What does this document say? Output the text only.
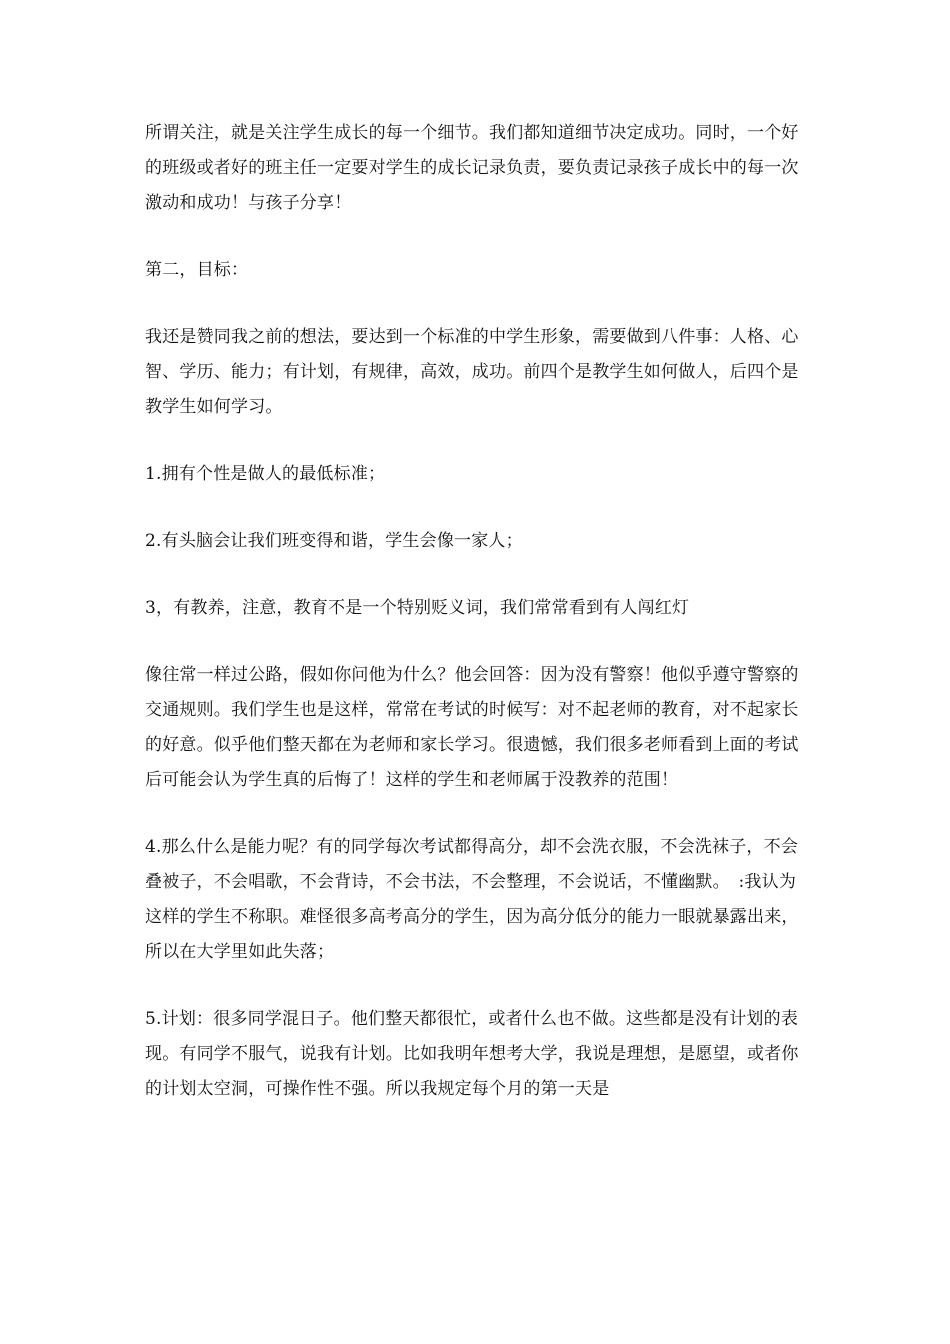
所谓关注，就是关注学生成长的每一个细节。我们都知道细节决定成功。同时，一个好的班级或者好的班主任一定要对学生的成长记录负责，要负责记录孩子成长中的每一次激动和成功！与孩子分享！

第二，目标：

我还是赞同我之前的想法，要达到一个标准的中学生形象，需要做到八件事：人格、心智、学历、能力；有计划，有规律，高效，成功。前四个是教学生如何做人，后四个是教学生如何学习。

1.拥有个性是做人的最低标准；

2.有头脑会让我们班变得和谐，学生会像一家人；

3，有教养，注意，教育不是一个特别贬义词，我们常常看到有人闯红灯

像往常一样过公路，假如你问他为什么？他会回答：因为没有警察！他似乎遵守警察的交通规则。我们学生也是这样，常常在考试的时候写：对不起老师的教育，对不起家长的好意。似乎他们整天都在为老师和家长学习。很遗憾，我们很多老师看到上面的考试后可能会认为学生真的后悔了！这样的学生和老师属于没教养的范围！

4.那么什么是能力呢？有的同学每次考试都得高分，却不会洗衣服，不会洗袜子，不会叠被子，不会唱歌，不会背诗，不会书法，不会整理，不会说话，不懂幽默。　:我认为这样的学生不称职。难怪很多高考高分的学生，因为高分低分的能力一眼就暴露出来，所以在大学里如此失落；

5.计划：很多同学混日子。他们整天都很忙，或者什么也不做。这些都是没有计划的表现。有同学不服气，说我有计划。比如我明年想考大学，我说是理想，是愿望，或者你的计划太空洞，可操作性不强。所以我规定每个月的第一天是
